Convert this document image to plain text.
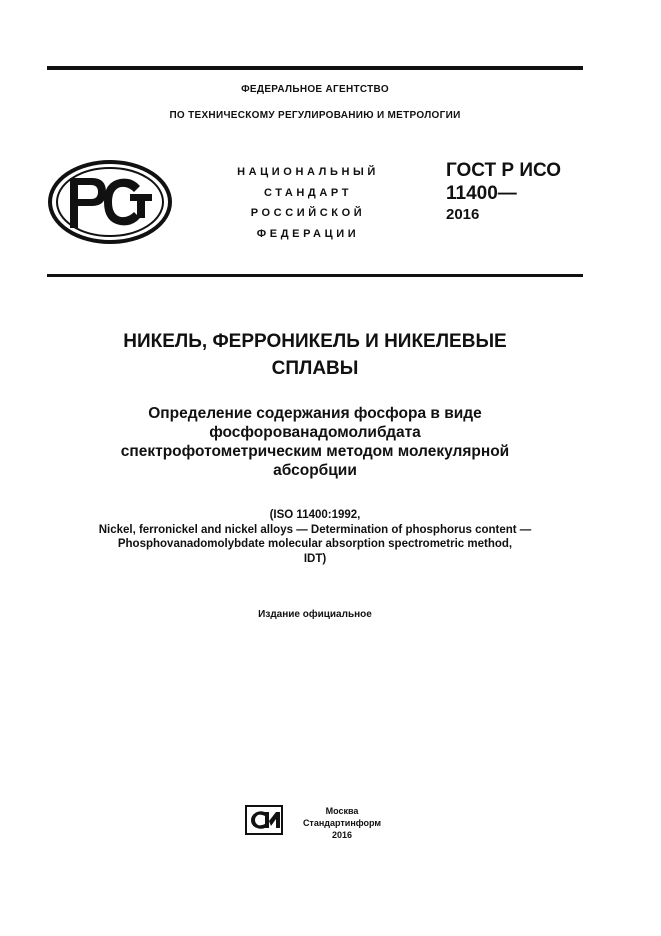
ФЕДЕРАЛЬНОЕ АГЕНТСТВО
ПО ТЕХНИЧЕСКОМУ РЕГУЛИРОВАНИЮ И МЕТРОЛОГИИ
НАЦИОНАЛЬНЫЙ
СТАНДАРТ
РОССИЙСКОЙ
ФЕДЕРАЦИИ
ГОСТ Р ИСО
11400—
2016
НИКЕЛЬ, ФЕРРОНИКЕЛЬ И НИКЕЛЕВЫЕ
СПЛАВЫ
Определение содержания фосфора в виде
фосфорованадомолибдата
спектрофотометрическим методом молекулярной
абсорбции
(ISO 11400:1992,
Nickel, ferronickel and nickel alloys — Determination of phosphorus content —
Phosphovanadomolybdate molecular absorption spectrometric method,
IDT)
Издание официальное
Москва
Стандартинформ
2016
